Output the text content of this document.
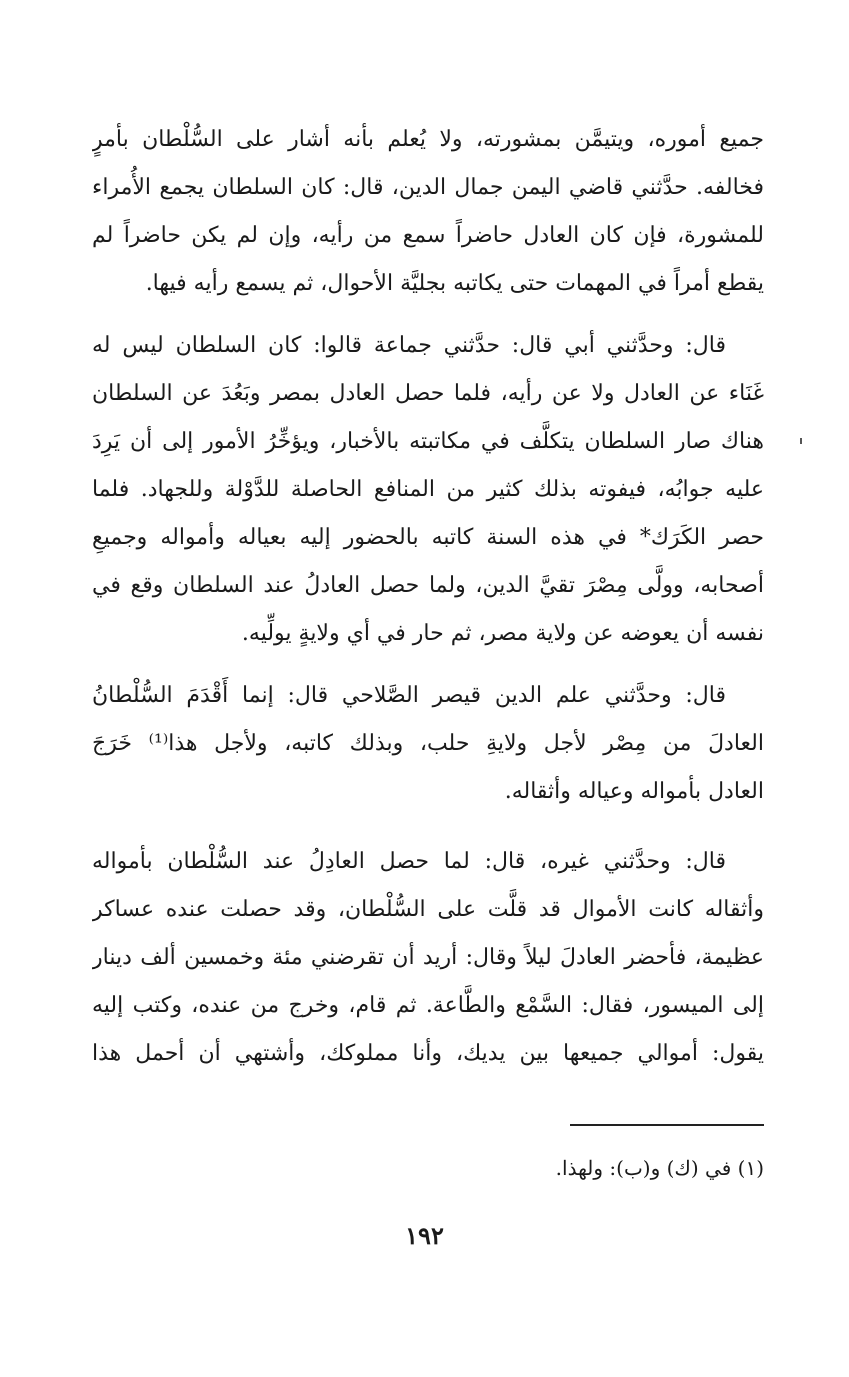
جميع أموره، ويتيمَّن بمشورته، ولا يُعلم بأنه أشار على السُّلْطان بأمرٍ
فخالفه. حدَّثني قاضي اليمن جمال الدين، قال: كان السلطان يجمع الأُمراء
للمشورة، فإن كان العادل حاضراً سمع من رأيه، وإن لم يكن حاضراً لم
يقطع أمراً في المهمات حتى يكاتبه بجليَّة الأحوال، ثم يسمع رأيه فيها.
قال: وحدَّثني أبي قال: حدَّثني جماعة قالوا: كان السلطان ليس له
غَنَاء عن العادل ولا عن رأيه، فلما حصل العادل بمصر وبَعُدَ عن السلطان
هناك صار السلطان يتكلَّف في مكاتبته بالأخبار، ويؤخِّرُ الأمور إلى أن يَرِدَ
عليه جوابُه، فيفوته بذلك كثير من المنافع الحاصلة للدَّوْلة وللجهاد. فلما
حصر الكَرَك* في هذه السنة كاتبه بالحضور إليه بعياله وأمواله وجميعِ
أصحابه، وولَّى مِصْرَ تقيَّ الدين، ولما حصل العادلُ عند السلطان وقع في
نفسه أن يعوضه عن ولاية مصر، ثم حار في أي ولايةٍ يولِّيه.
قال: وحدَّثني علم الدين قيصر الصَّلاحي قال: إنما أَقْدَمَ السُّلْطانُ
العادلَ من مِصْر لأجل ولايةِ حلب، وبذلك كاتبه، ولأجل هذا⁽¹⁾ خَرَجَ
العادل بأمواله وعياله وأثقاله.
قال: وحدَّثني غيره، قال: لما حصل العادِلُ عند السُّلْطان بأمواله
وأثقاله كانت الأموال قد قلَّت على السُّلْطان، وقد حصلت عنده عساكر
عظيمة، فأحضر العادلَ ليلاً وقال: أريد أن تقرضني مئة وخمسين ألف دينار
إلى الميسور، فقال: السَّمْع والطَّاعة. ثم قام، وخرج من عنده، وكتب إليه
يقول: أموالي جميعها بين يديك، وأنا مملوكك، وأشتهي أن أحمل هذا
(١) في (ك) و(ب): ولهذا.
١٩٢
